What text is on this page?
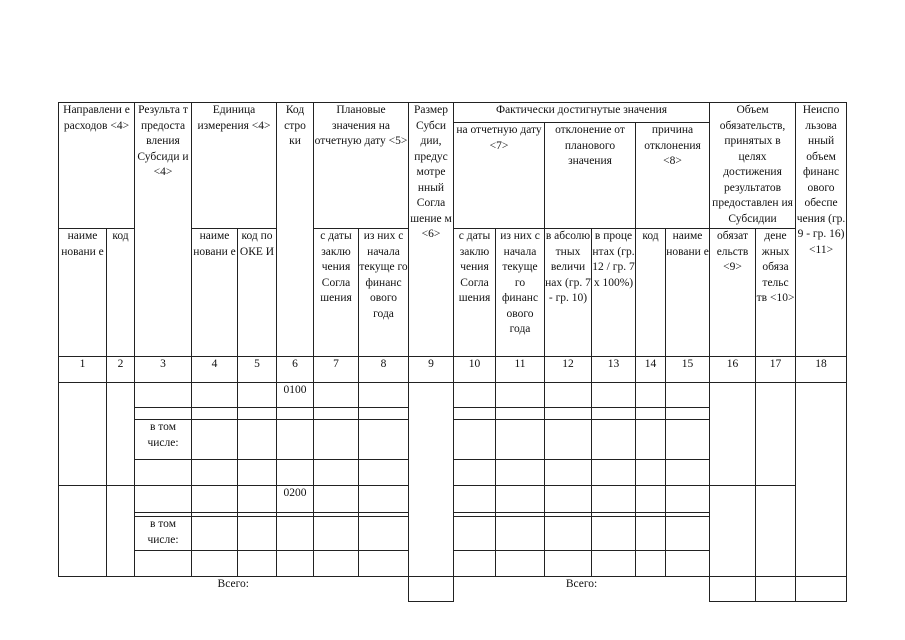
Направлени е расходов <4>		Результа т предоста вления Субсиди и <4>	Единица измерения <4>		Код стро ки	Плановые значения на отчетную дату <5>		Размер Субси дии, предус мотре нный Согла шение м <6>	Фактически достигнутые значения						Объем обязательств, принятых в целях достижения результатов предоставлен ия Субсидии		Неиспо льзова нный объем финанс ового обеспе чения (гр. 9 - гр. 16) <11>
									на отчетную дату <7>		отклонение от планового значения		причина отклонения <8>				
наиме новани е	код		наиме новани е	код по ОКЕ И		с даты заклю чения Согла шения	из них с начала текуще го финанс ового года		с даты заклю чения Согла шения	из них с начала текуще го финанс ового года	в абсолю тных величи нах (гр. 7 - гр. 10)	в проце нтах (гр. 12 / гр. 7 х 100%)	код	наиме новани е	обязат ельств <9>	дене жных обяза тельс тв <10>	
1	2	3	4	5	6	7	8	9	10	11	12	13	14	15	16	17	18
					0100												

		в том числе:															

					0200												

		в том числе:															

Всего:									Всего:								
